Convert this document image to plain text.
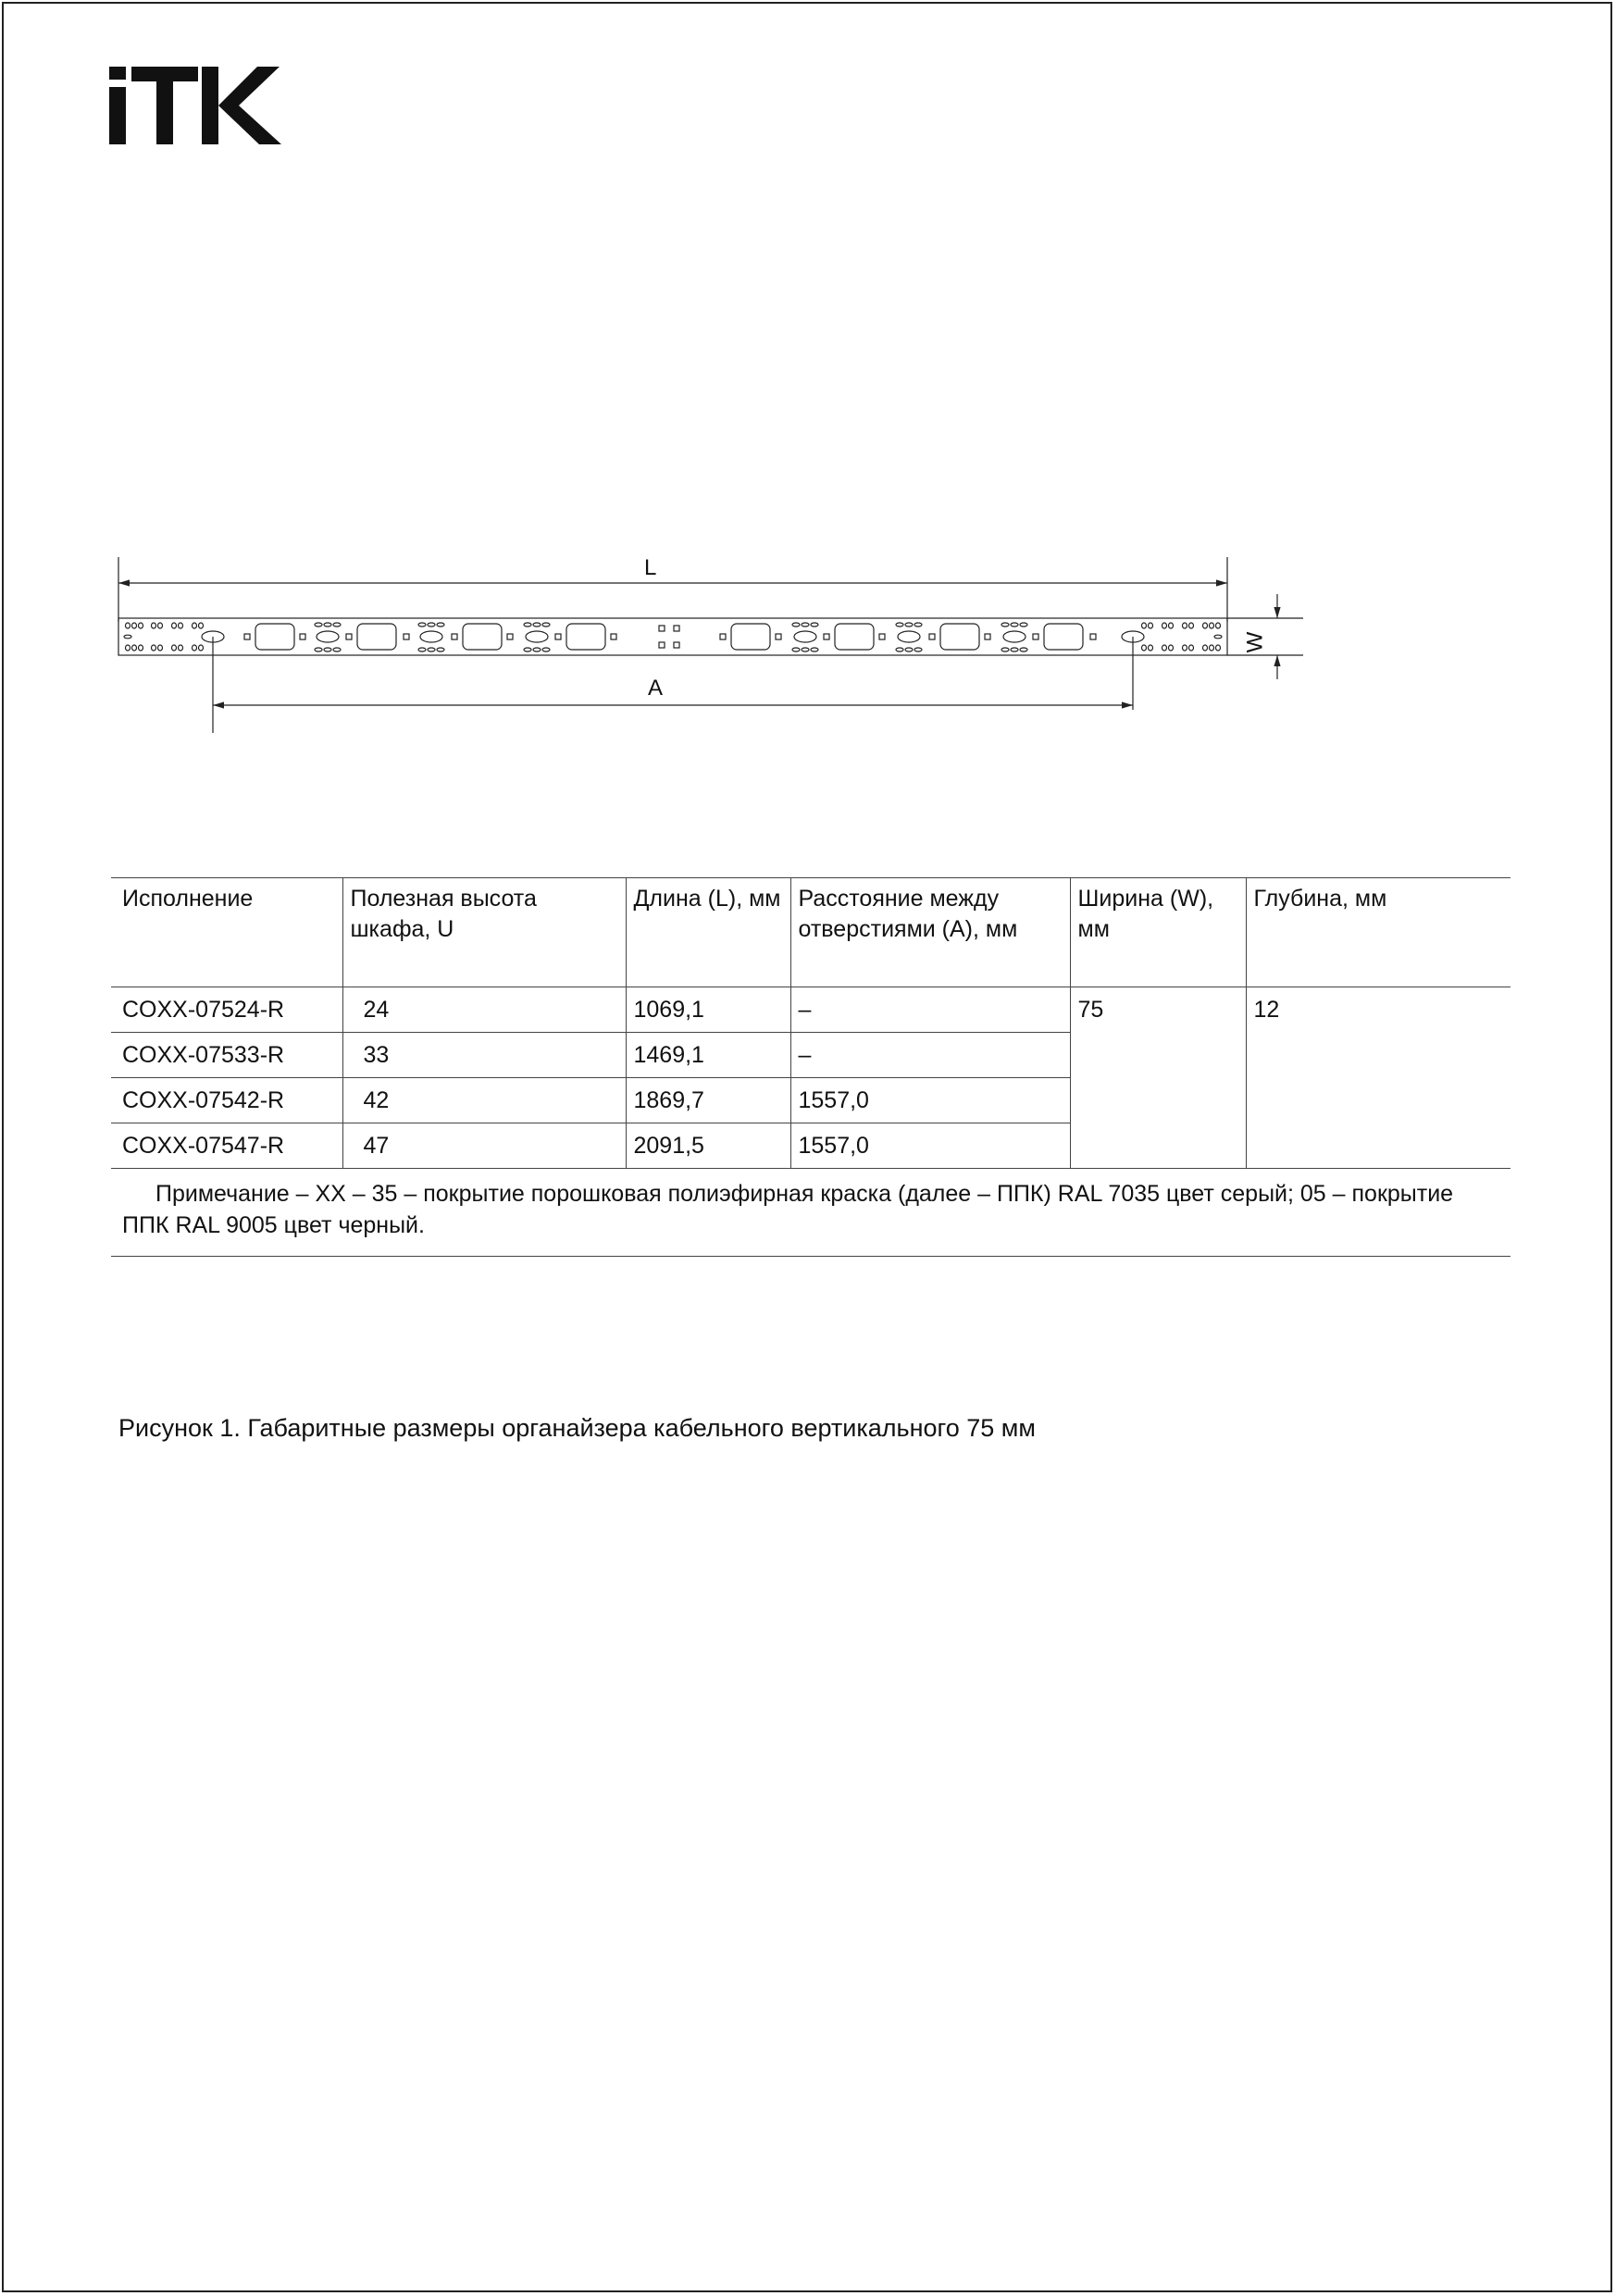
L
A
W
Исполнение	Полезная высота шкафа, U	Длина (L), мм	Расстояние между отверстиями (А), мм	Ширина (W), мм	Глубина, мм
COXX-07524-R	24	1069,1	–	75	12
COXX-07533-R	33	1469,1	–		
COXX-07542-R	42	1869,7	1557,0		
COXX-07547-R	47	2091,5	1557,0		
Примечание – ХХ – 35 – покрытие порошковая полиэфирная краска (далее – ППК) RAL 7035 цвет серый; 05 – покрытие ППК RAL 9005 цвет черный.					
Рисунок 1. Габаритные размеры органайзера кабельного вертикального 75 мм
